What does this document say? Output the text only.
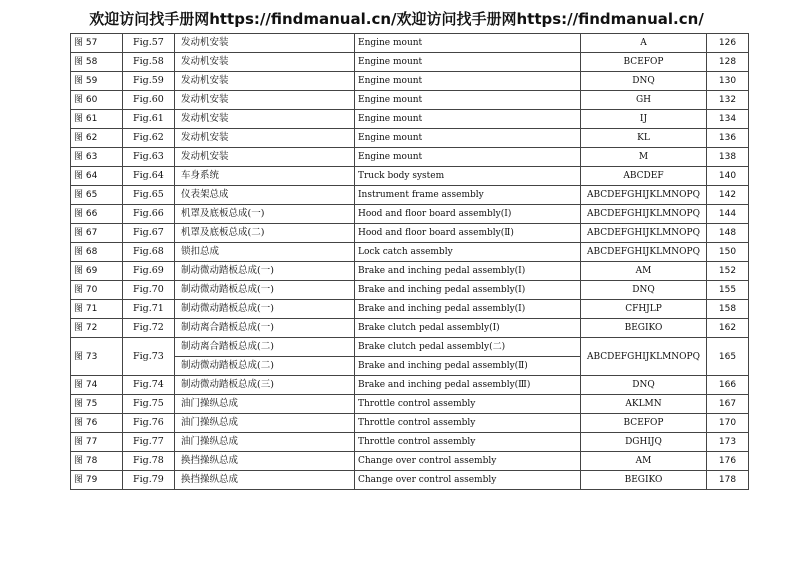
欢迎访问找手册网https://findmanual.cn/欢迎访问找手册网https://findmanual.cn/
图 57	Fig.57	发动机安装	Engine mount	A	126
图 58	Fig.58	发动机安装	Engine mount	BCEFOP	128
图 59	Fig.59	发动机安装	Engine mount	DNQ	130
图 60	Fig.60	发动机安装	Engine mount	GH	132
图 61	Fig.61	发动机安装	Engine mount	IJ	134
图 62	Fig.62	发动机安装	Engine mount	KL	136
图 63	Fig.63	发动机安装	Engine mount	M	138
图 64	Fig.64	车身系统	Truck body system	ABCDEF	140
图 65	Fig.65	仪表架总成	Instrument frame assembly	ABCDEFGHIJKLMNOPQ	142
图 66	Fig.66	机罩及底板总成(一)	Hood and floor board assembly(Ⅰ)	ABCDEFGHIJKLMNOPQ	144
图 67	Fig.67	机罩及底板总成(二)	Hood and floor board assembly(Ⅱ)	ABCDEFGHIJKLMNOPQ	148
图 68	Fig.68	锁扣总成	Lock catch assembly	ABCDEFGHIJKLMNOPQ	150
图 69	Fig.69	制动微动踏板总成(一)	Brake and inching pedal assembly(Ⅰ)	AM	152
图 70	Fig.70	制动微动踏板总成(一)	Brake and inching pedal assembly(Ⅰ)	DNQ	155
图 71	Fig.71	制动微动踏板总成(一)	Brake and inching pedal assembly(Ⅰ)	CFHJLP	158
图 72	Fig.72	制动离合踏板总成(一)	Brake clutch pedal assembly(Ⅰ)	BEGIKO	162
图 73	Fig.73	制动离合踏板总成(二)	Brake clutch pedal assembly(二)	ABCDEFGHIJKLMNOPQ	165
		制动微动踏板总成(二)	Brake and inching pedal assembly(Ⅱ)		
图 74	Fig.74	制动微动踏板总成(三)	Brake and inching pedal assembly(Ⅲ)	DNQ	166
图 75	Fig.75	油门操纵总成	Throttle control assembly	AKLMN	167
图 76	Fig.76	油门操纵总成	Throttle control assembly	BCEFOP	170
图 77	Fig.77	油门操纵总成	Throttle control assembly	DGHIJQ	173
图 78	Fig.78	换挡操纵总成	Change over control assembly	AM	176
图 79	Fig.79	换挡操纵总成	Change over control assembly	BEGIKO	178
